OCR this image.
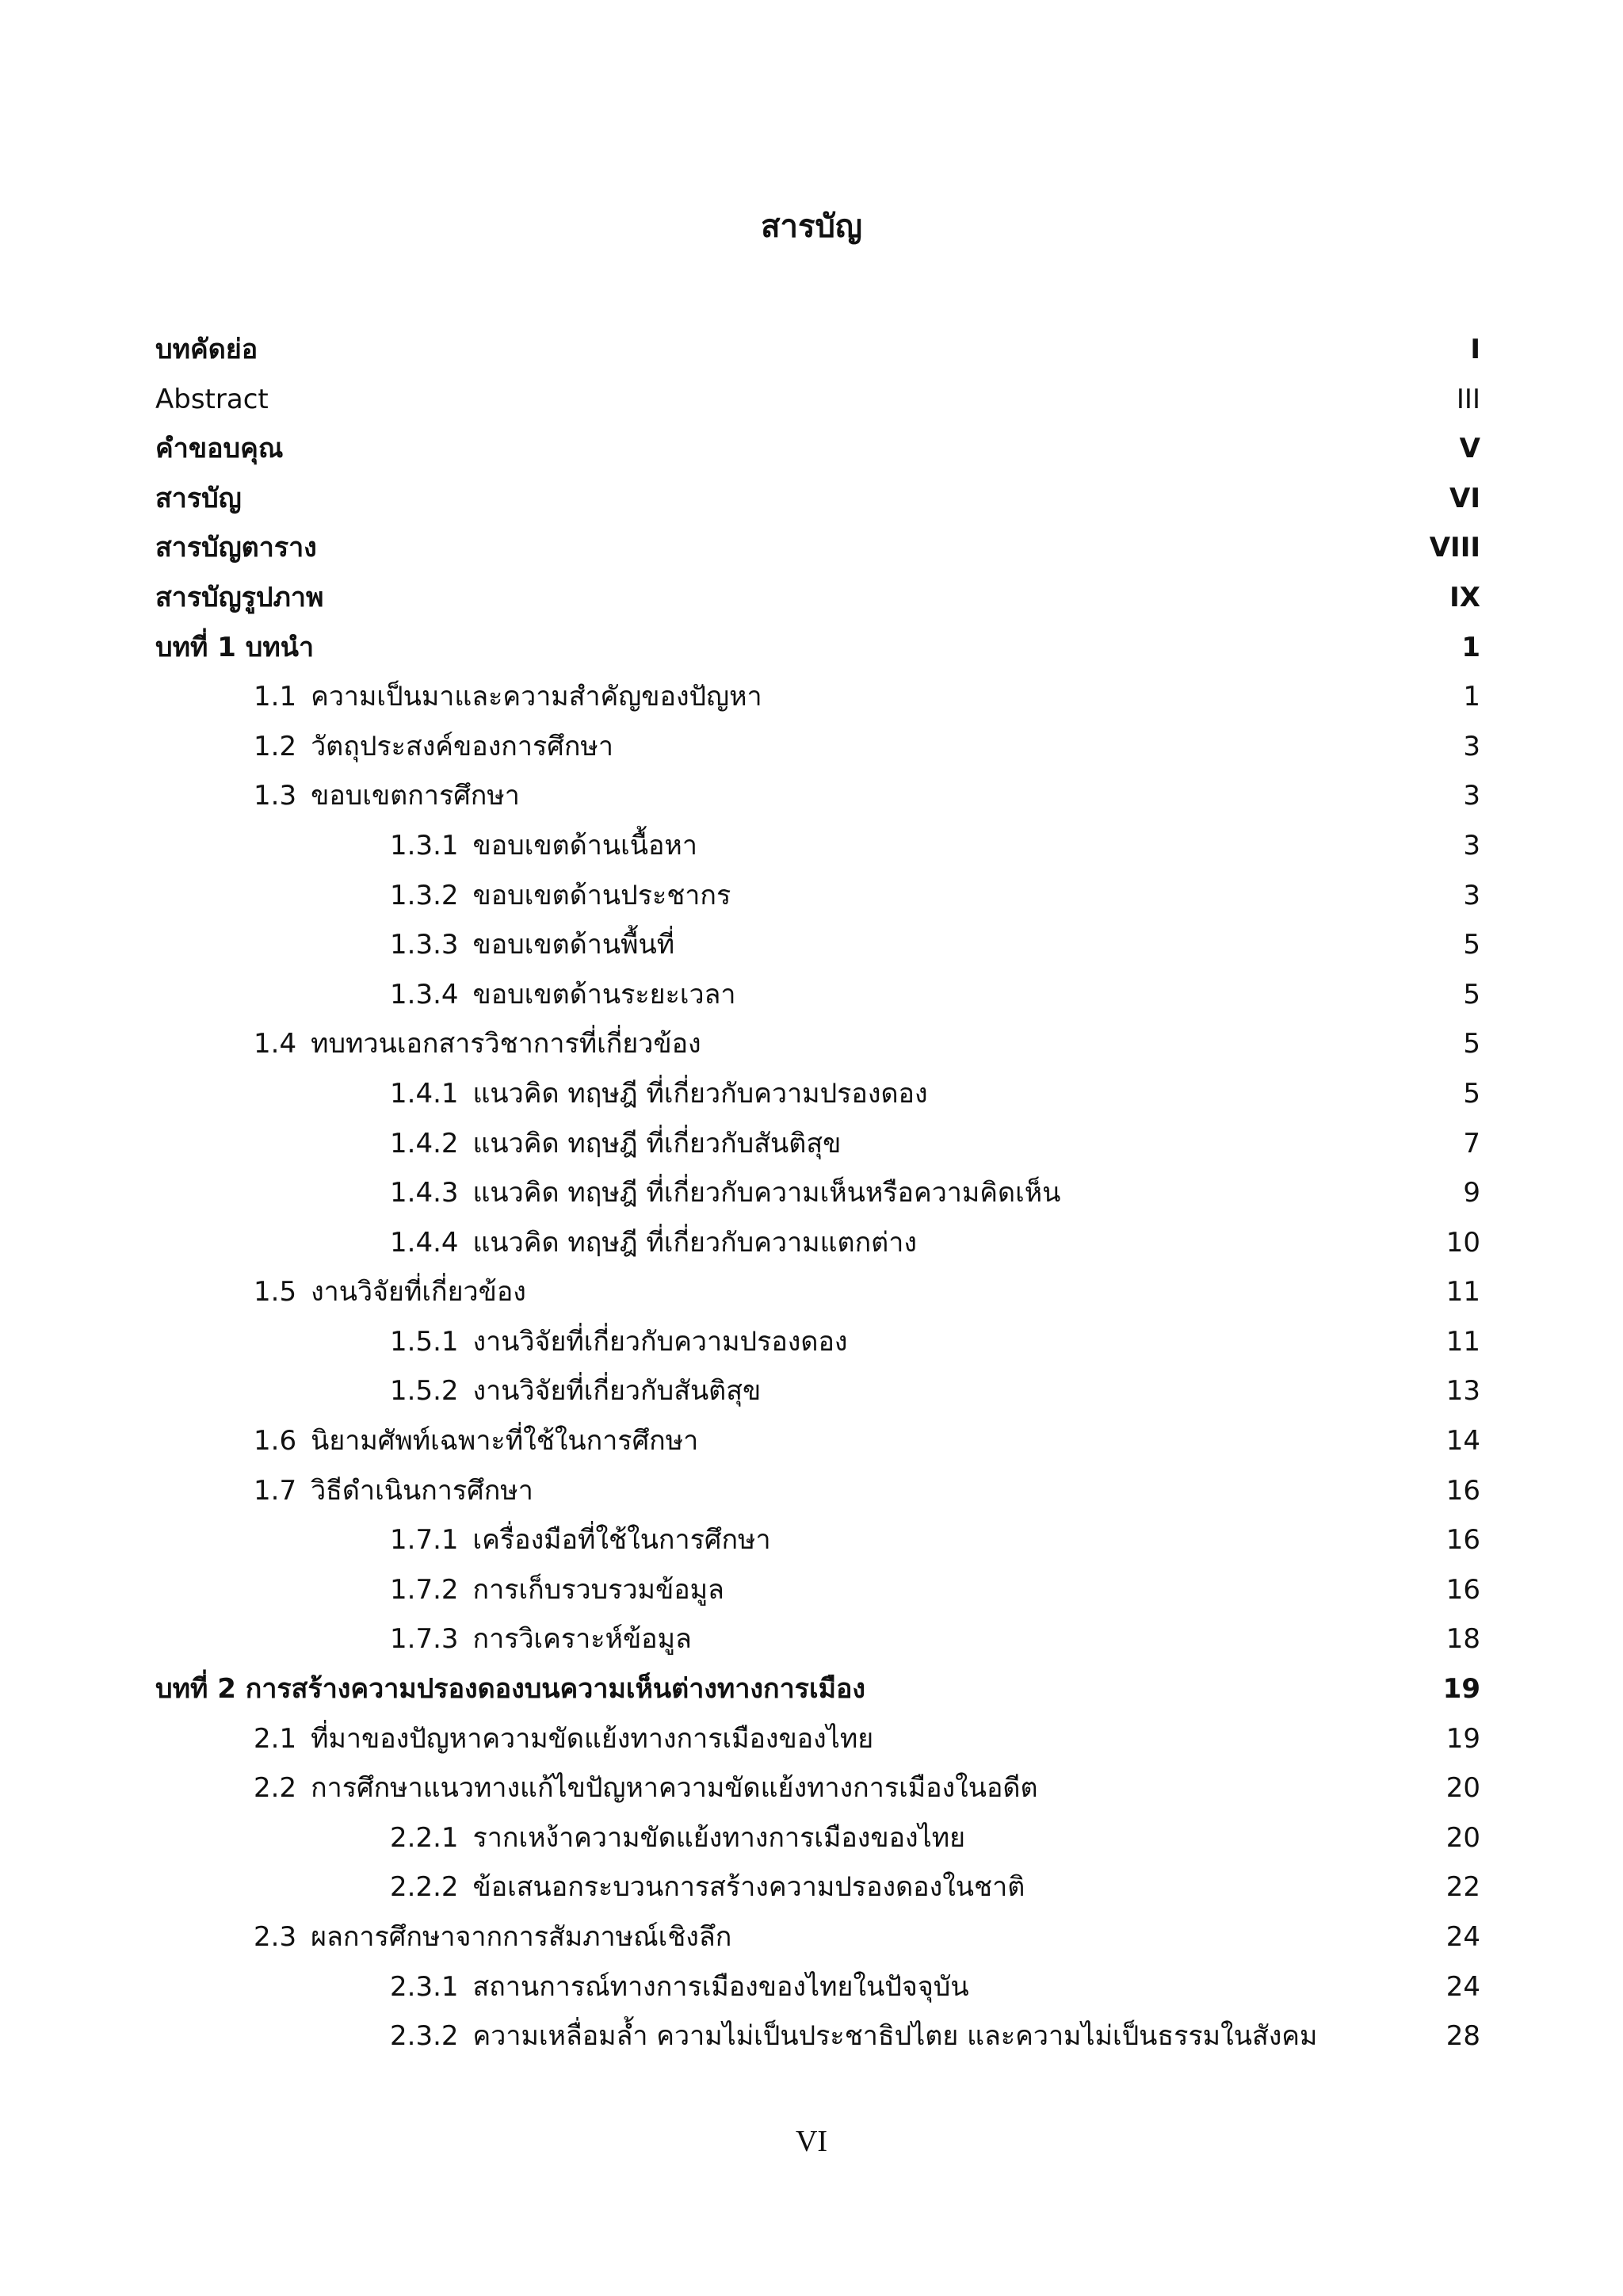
สารบัญ
บทคัดย่อ	I
Abstract	III
คำขอบคุณ	V
สารบัญ	VI
สารบัญตาราง	VIII
สารบัญรูปภาพ	IX
บทที่ 1 บทนำ	1
1.1 ความเป็นมาและความสำคัญของปัญหา	1
1.2 วัตถุประสงค์ของการศึกษา	3
1.3 ขอบเขตการศึกษา	3
1.3.1 ขอบเขตด้านเนื้อหา	3
1.3.2 ขอบเขตด้านประชากร	3
1.3.3 ขอบเขตด้านพื้นที่	5
1.3.4 ขอบเขตด้านระยะเวลา	5
1.4 ทบทวนเอกสารวิชาการที่เกี่ยวข้อง	5
1.4.1 แนวคิด ทฤษฎี ที่เกี่ยวกับความปรองดอง	5
1.4.2 แนวคิด ทฤษฎี ที่เกี่ยวกับสันติสุข	7
1.4.3 แนวคิด ทฤษฎี ที่เกี่ยวกับความเห็นหรือความคิดเห็น	9
1.4.4 แนวคิด ทฤษฎี ที่เกี่ยวกับความแตกต่าง	10
1.5 งานวิจัยที่เกี่ยวข้อง	11
1.5.1 งานวิจัยที่เกี่ยวกับความปรองดอง	11
1.5.2 งานวิจัยที่เกี่ยวกับสันติสุข	13
1.6 นิยามศัพท์เฉพาะที่ใช้ในการศึกษา	14
1.7 วิธีดำเนินการศึกษา	16
1.7.1 เครื่องมือที่ใช้ในการศึกษา	16
1.7.2 การเก็บรวบรวมข้อมูล	16
1.7.3 การวิเคราะห์ข้อมูล	18
บทที่ 2 การสร้างความปรองดองบนความเห็นต่างทางการเมือง	19
2.1 ที่มาของปัญหาความขัดแย้งทางการเมืองของไทย	19
2.2 การศึกษาแนวทางแก้ไขปัญหาความขัดแย้งทางการเมืองในอดีต	20
2.2.1 รากเหง้าความขัดแย้งทางการเมืองของไทย	20
2.2.2 ข้อเสนอกระบวนการสร้างความปรองดองในชาติ	22
2.3 ผลการศึกษาจากการสัมภาษณ์เชิงลึก	24
2.3.1 สถานการณ์ทางการเมืองของไทยในปัจจุบัน	24
2.3.2 ความเหลื่อมล้ำ ความไม่เป็นประชาธิปไตย และความไม่เป็นธรรมในสังคม	28
VI
